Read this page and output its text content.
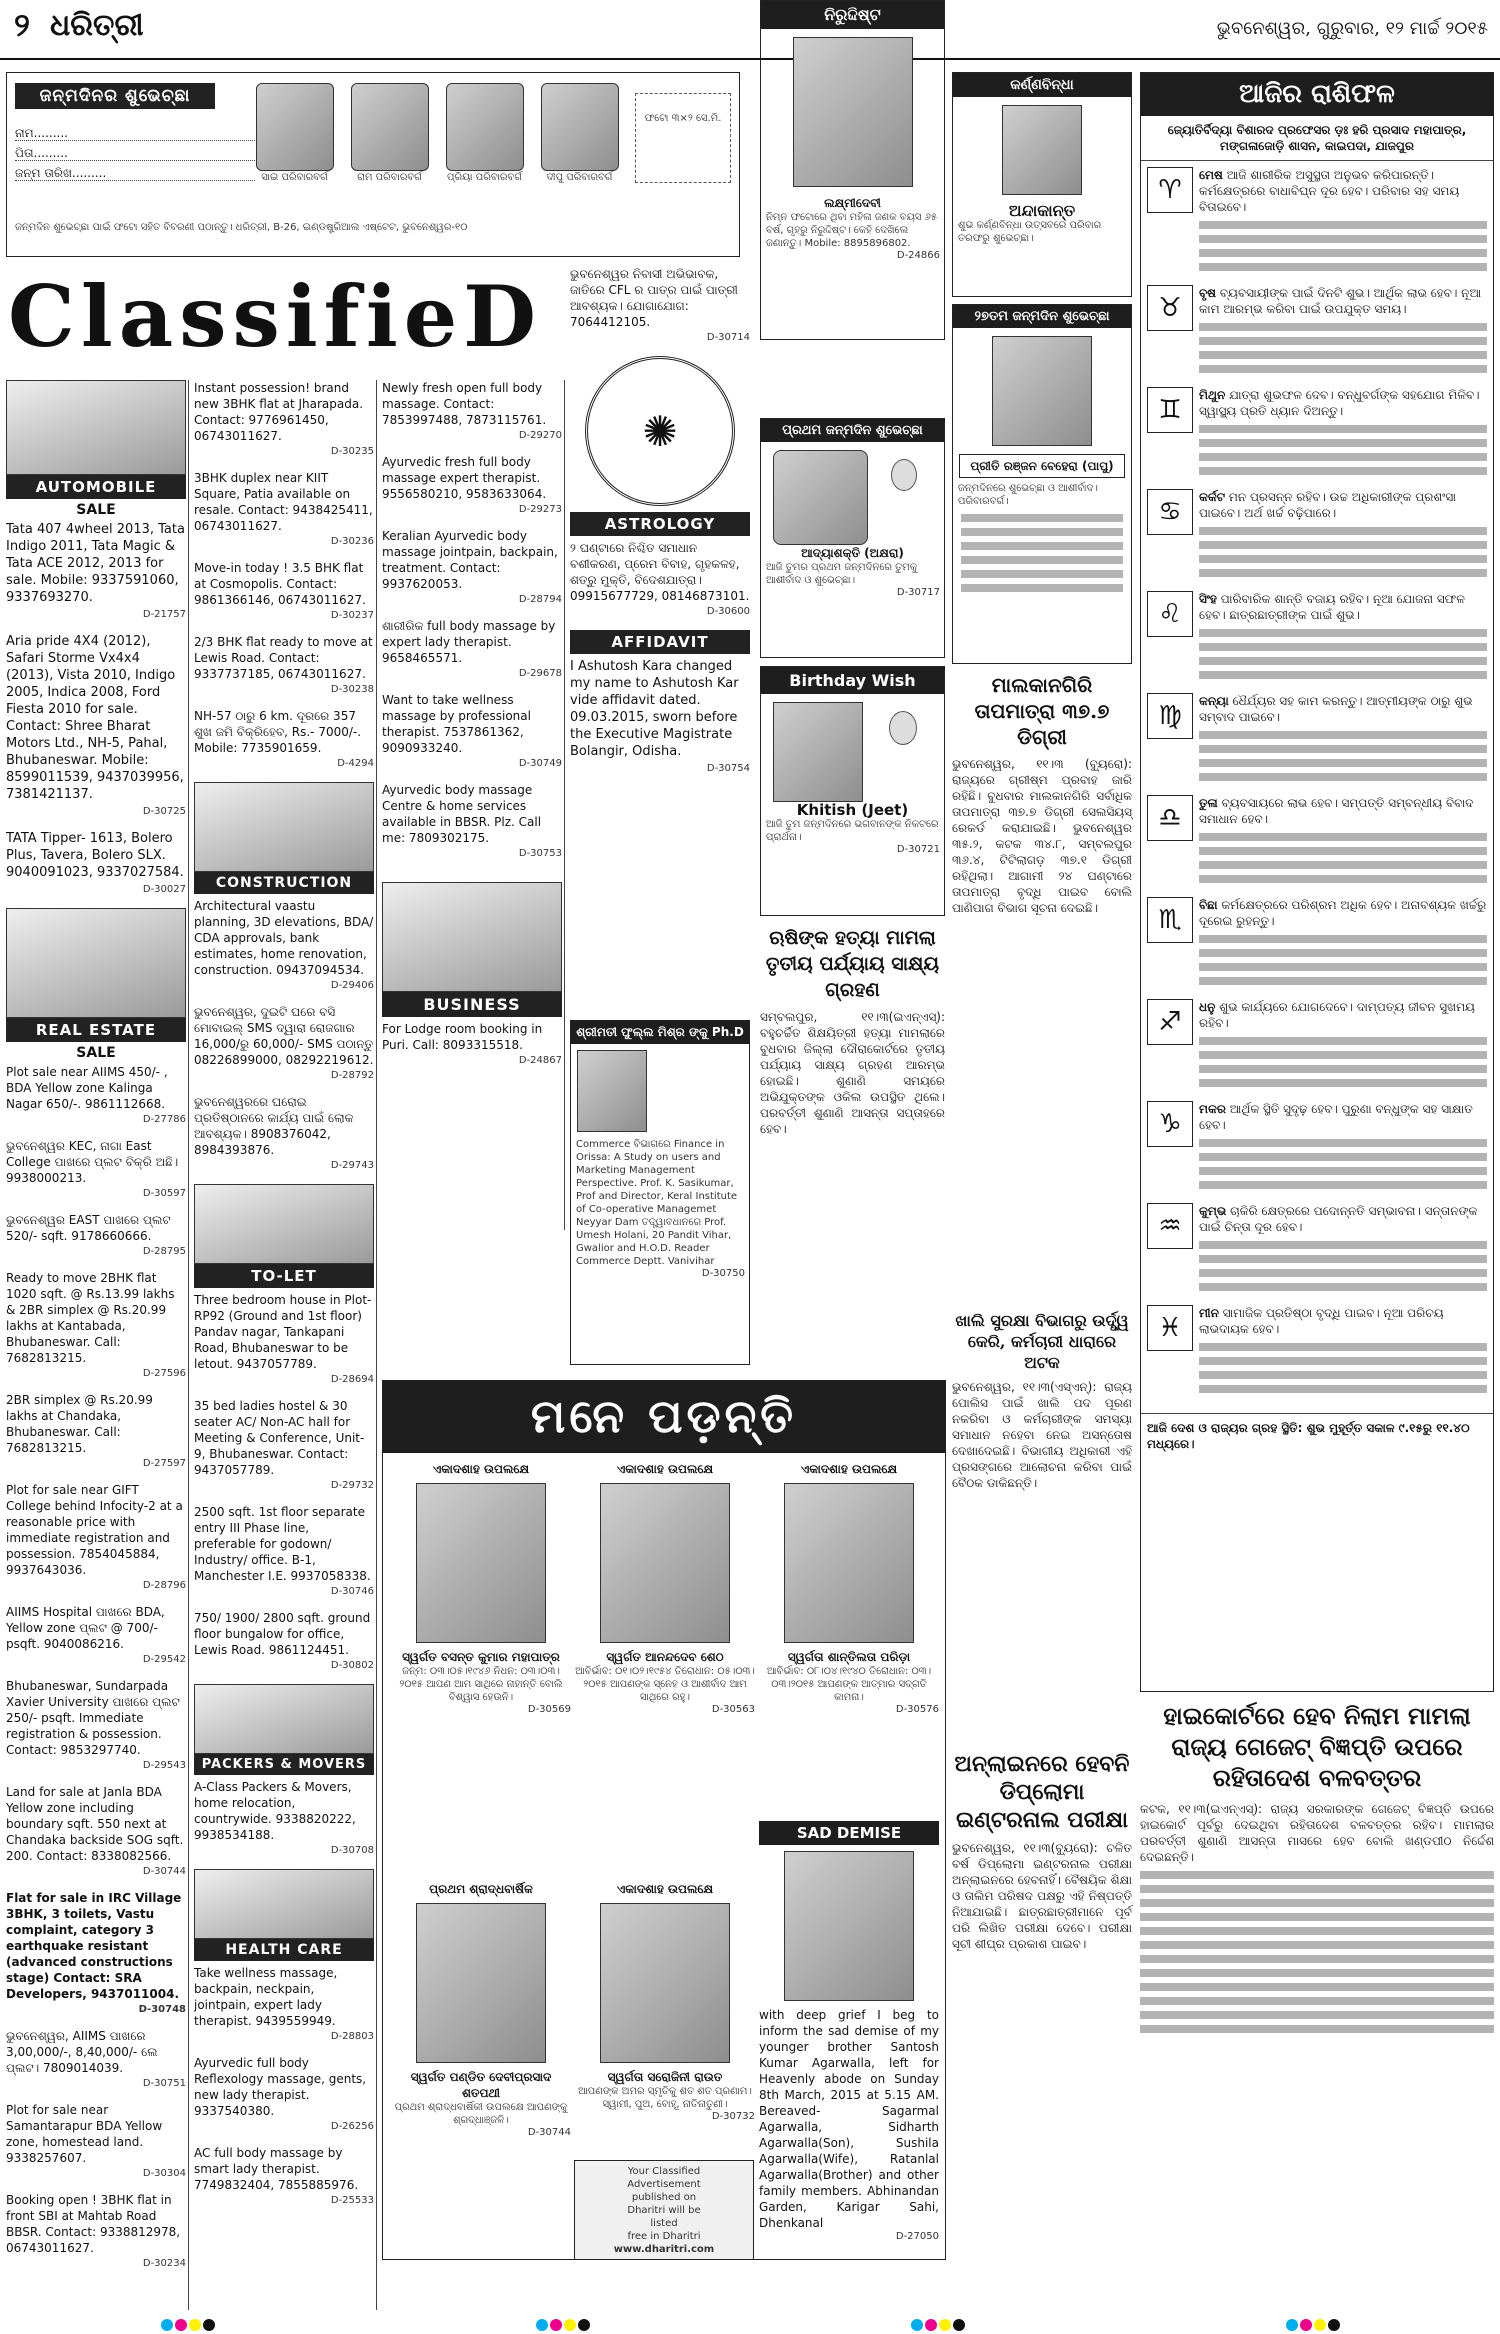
୨ ଧରିତ୍ରୀ	ଭୁବନେଶ୍ୱର, ଗୁରୁବାର, ୧୨ ମାର୍ଚ୍ଚ ୨୦୧୫
ଜନ୍ମଦିନର ଶୁଭେଚ୍ଛା
ନାମ.........
ପିତା.........
ଜନ୍ମ ତାରିଖ.........	ସାଇ ପରିବାରବର୍ଗ	ରାମ ପରିବାରବର୍ଗ	ପ୍ରିୟା ପରିବାରବର୍ଗ	ଦୀପୁ ପରିବାରବର୍ଗ
ଫଟୋ ୩×୨ ସେ.ମି.
ଜନ୍ମଦିନ ଶୁଭେଚ୍ଛା ପାଇଁ ଫଟୋ ସହିତ ବିବରଣୀ ପଠାନ୍ତୁ। ଧରିତ୍ରୀ, B-26, ଇଣ୍ଡଷ୍ଟ୍ରିଆଲ ଏଷ୍ଟେଟ, ଭୁବନେଶ୍ୱର-୧୦
ClassifieD
AUTOMOBILE
SALE
Tata 407 4wheel 2013, Tata Indigo 2011, Tata Magic & Tata ACE 2012, 2013 for sale. Mobile: 9337591060, 9337693270.
D-21757
Aria pride 4X4 (2012), Safari Storme Vx4x4 (2013), Vista 2010, Indigo 2005, Indica 2008, Ford Fiesta 2010 for sale. Contact: Shree Bharat Motors Ltd., NH-5, Pahal, Bhubaneswar. Mobile: 8599011539, 9437039956, 7381421137.
D-30725
TATA Tipper- 1613, Bolero Plus, Tavera, Bolero SLX. 9040091023, 9337027584.
D-30027
REAL ESTATE
SALE
Plot sale near AIIMS 450/- , BDA Yellow zone Kalinga Nagar 650/-. 9861112668.
D-27786
ଭୁବନେଶ୍ୱର KEC, ନାଗା East College ପାଖରେ ପ୍ଲଟ ବିକ୍ରି ଅଛି। 9938000213.
D-30597
ଭୁବନେଶ୍ୱର EAST ପାଖରେ ପ୍ଲଟ 520/- sqft. 9178660666.
D-28795
Ready to move 2BHK flat 1020 sqft. @ Rs.13.99 lakhs & 2BR simplex @ Rs.20.99 lakhs at Kantabada, Bhubaneswar. Call: 7682813215.
D-27596
2BR simplex @ Rs.20.99 lakhs at Chandaka, Bhubaneswar. Call: 7682813215.
D-27597
Plot for sale near GIFT College behind Infocity-2 at a reasonable price with immediate registration and possession. 7854045884, 9937643036.
D-28796
AIIMS Hospital ପାଖରେ BDA, Yellow zone ପ୍ଲଟ @ 700/- psqft. 9040086216.
D-29542
Bhubaneswar, Sundarpada Xavier University ପାଖରେ ପ୍ଲଟ 250/- psqft. Immediate registration & possession. Contact: 9853297740.
D-29543
Land for sale at Janla BDA Yellow zone including boundary sqft. 550 next at Chandaka backside SOG sqft. 200. Contact: 8338082566.
D-30744
Flat for sale in IRC Village 3BHK, 3 toilets, Vastu complaint, category 3 earthquake resistant (advanced constructions stage) Contact: SRA Developers, 9437011004.
D-30748
ଭୁବନେଶ୍ୱର, AIIMS ପାଖରେ 3,00,000/-, 8,40,000/- ଲେ ପ୍ଲଟ। 7809014039.
D-30751
Plot for sale near Samantarapur BDA Yellow zone, homestead land. 9338257607.
D-30304
Booking open ! 3BHK flat in front SBI at Mahtab Road BBSR. Contact: 9338812978, 06743011627.
D-30234
Instant possession! brand new 3BHK flat at Jharapada. Contact: 9776961450, 06743011627.
D-30235
3BHK duplex near KIIT Square, Patia available on resale. Contact: 9438425411, 06743011627.
D-30236
Move-in today ! 3.5 BHK flat at Cosmopolis. Contact: 9861366146, 06743011627.
D-30237
2/3 BHK flat ready to move at Lewis Road. Contact: 9337737185, 06743011627.
D-30238
NH-57 ଠାରୁ 6 km. ଦୂରରେ 357 ଶୁଖ ଜମି ବିକ୍ରିହେବ, Rs.- 7000/-. Mobile: 7735901659.
D-4294
CONSTRUCTION
Architectural vaastu planning, 3D elevations, BDA/ CDA approvals, bank estimates, home renovation, construction. 09437094534.
D-29406
ଭୁବନେଶ୍ୱର, ଦୁଇଟି ଘରେ ବସି ମୋବାଇଲ୍ SMS ଦ୍ୱାରା ରୋଜଗାର 16,000/ରୁ 60,000/- SMS ପଠାନ୍ତୁ 08226899000, 08292219612.
D-28792
ଭୁବନେଶ୍ୱରରେ ଘରୋଇ ପ୍ରତିଷ୍ଠାନରେ କାର୍ଯ୍ୟ ପାଇଁ ଲୋକ ଆବଶ୍ୟକ। 8908376042, 8984393876.
D-29743
TO-LET
Three bedroom house in Plot- RP92 (Ground and 1st floor) Pandav nagar, Tankapani Road, Bhubaneswar to be letout. 9437057789.
D-28694
35 bed ladies hostel & 30 seater AC/ Non-AC hall for Meeting & Conference, Unit-9, Bhubaneswar. Contact: 9437057789.
D-29732
2500 sqft. 1st floor separate entry III Phase line, preferable for godown/ Industry/ office. B-1, Manchester I.E. 9937058338.
D-30746
750/ 1900/ 2800 sqft. ground floor bungalow for office, Lewis Road. 9861124451.
D-30802
PACKERS & MOVERS
A-Class Packers & Movers, home relocation, countrywide. 9338820222, 9938534188.
D-30708
HEALTH CARE
Take wellness massage, backpain, neckpain, jointpain, expert lady therapist. 9439559949.
D-28803
Ayurvedic full body Reflexology massage, gents, new lady therapist. 9337540380.
D-26256
AC full body massage by smart lady therapist. 7749832404, 7855885976.
D-25533
Newly fresh open full body massage. Contact: 7853997488, 7873115761.
D-29270
Ayurvedic fresh full body massage expert therapist. 9556580210, 9583633064.
D-29273
Keralian Ayurvedic body massage jointpain, backpain, treatment. Contact: 9937620053.
D-28794
ଶାରୀରିକ full body massage by expert lady therapist. 9658465571.
D-29678
Want to take wellness massage by professional therapist. 7537861362, 9090933240.
D-30749
Ayurvedic body massage Centre & home services available in BBSR. Plz. Call me: 7809302175.
D-30753
BUSINESS
For Lodge room booking in Puri. Call: 8093315518.
D-24867
ଭୁବନେଶ୍ୱର ନିବାସୀ ଅଭିଭାବକ, ଜାତିରେ CFL ର ପାତ୍ର ପାଇଁ ପାତ୍ରୀ ଆବଶ୍ୟକ। ଯୋଗାଯୋଗ: 7064412105.
D-30714
✺
ASTROLOGY
୨ ଘଣ୍ଟାରେ ନିଶ୍ଚିତ ସମାଧାନ ବଶୀକରଣ, ପ୍ରେମ ବିବାହ, ଗୃହକଳହ, ଶତ୍ରୁ ମୁକ୍ତି, ବିଦେଶଯାତ୍ରା। 09915677729, 08146873101.
D-30600
AFFIDAVIT
I Ashutosh Kara changed my name to Ashutosh Kar vide affidavit dated. 09.03.2015, sworn before the Executive Magistrate Bolangir, Odisha.
D-30754
ଶ୍ରୀମତୀ ଫୁଲ୍ଲ ମିଶ୍ର ଙ୍କୁ Ph.D
Commerce ବିଭାଗରେ Finance in Orissa: A Study on users and Marketing Management Perspective. Prof. K. Sasikumar, Prof and Director, Keral Institute of Co-operative Managemet Neyyar Dam ତତ୍ତ୍ୱାବଧାନରେ Prof. Umesh Holani, 20 Pandit Vihar, Gwalior and H.O.D. Reader Commerce Deptt. Vanivihar
D-30750
ନିରୁଦ୍ଦିଷ୍ଟ
ଲକ୍ଷ୍ମୀଦେବୀ
ନିମ୍ନ ଫଟୋରେ ଥିବା ମହିଳା ଜଣକ ବୟସ ୬୫ ବର୍ଷ, ଗୃହରୁ ନିରୁଦ୍ଦିଷ୍ଟ। କେହି ଦେଖିଲେ ଜଣାନ୍ତୁ। Mobile: 8895896802.
D-24866
ପ୍ରଥମ ଜନ୍ମଦିନ ଶୁଭେଚ୍ଛା
ଆଦ୍ୟାଶକ୍ତି (ଅକ୍ଷରା)
ଆଜି ତୁମର ପ୍ରଥମ ଜନ୍ମଦିନରେ ତୁମକୁ ଆଶୀର୍ବାଦ ଓ ଶୁଭେଚ୍ଛା।
D-30717
Birthday Wish
Khitish (Jeet)
ଆଜି ତୁମ ଜନ୍ମଦିନରେ ଭଗବାନଙ୍କ ନିକଟରେ ପ୍ରାର୍ଥନା।
D-30721
କର୍ଣ୍ଣବିନ୍ଧା
ଅନ୍ଦାକାନ୍ତ
ଶୁଭ କର୍ଣ୍ଣବିନ୍ଧା ଉତ୍ସବରେ ପରିବାର ତରଫରୁ ଶୁଭେଚ୍ଛା।
୨୭ତମ ଜନ୍ମଦିନ ଶୁଭେଚ୍ଛା
ପ୍ରୀତି ରଞ୍ଜନ ବେହେରା (ପାପୁ)
ଜନ୍ମଦିନରେ ଶୁଭେଚ୍ଛା ଓ ଆଶୀର୍ବାଦ। ପରିବାରବର୍ଗ।
ମାଲକାନଗିରି ତାପମାତ୍ରା ୩୭.୭ ଡିଗ୍ରୀ
ଭୁବନେଶ୍ୱର, ୧୧।୩ (ବ୍ୟୁରୋ): ରାଜ୍ୟରେ ଗ୍ରୀଷ୍ମ ପ୍ରବାହ ଜାରି ରହିଛି। ବୁଧବାର ମାଲକାନଗିରି ସର୍ବାଧିକ ତାପମାତ୍ରା ୩୭.୭ ଡିଗ୍ରୀ ସେଲସିୟସ୍ ରେକର୍ଡ କରାଯାଇଛି। ଭୁବନେଶ୍ୱର ୩୫.୨, କଟକ ୩୪.୮, ସମ୍ବଲପୁର ୩୬.୪, ଟିଟିଲାଗଡ଼ ୩୭.୧ ଡିଗ୍ରୀ ରହିଥିଲା। ଆଗାମୀ ୨୪ ଘଣ୍ଟାରେ ତାପମାତ୍ରା ବୃଦ୍ଧି ପାଇବ ବୋଲି ପାଣିପାଗ ବିଭାଗ ସୂଚନା ଦେଇଛି।
ଋଷିଙ୍କ ହତ୍ୟା ମାମଲା ତୃତୀୟ ପର୍ଯ୍ୟାୟ ସାକ୍ଷ୍ୟ ଗ୍ରହଣ
ସମ୍ବଲପୁର, ୧୧।୩(ଇଏନ୍ଏସ୍): ବହୁଚର୍ଚ୍ଚିତ ଶିକ୍ଷୟିତ୍ରୀ ହତ୍ୟା ମାମଲାରେ ବୁଧବାର ଜିଲ୍ଲା ଦୌରାକୋର୍ଟରେ ତୃତୀୟ ପର୍ଯ୍ୟାୟ ସାକ୍ଷ୍ୟ ଗ୍ରହଣ ଆରମ୍ଭ ହୋଇଛି। ଶୁଣାଣି ସମୟରେ ଅଭିଯୁକ୍ତଙ୍କ ଓକିଲ ଉପସ୍ଥିତ ଥିଲେ। ପରବର୍ତ୍ତୀ ଶୁଣାଣି ଆସନ୍ତା ସପ୍ତାହରେ ହେବ।
ଆଜିର ରାଶିଫଳ
ଜ୍ୟୋତିର୍ବିଦ୍ୟା ବିଶାରଦ ପ୍ରଫେସର ଡ଼ଃ ହରି ପ୍ରସାଦ ମହାପାତ୍ର, ମଙ୍ଗଳାଜୋଡ଼ି ଶାସନ, କାଇପଦା, ଯାଜପୁର
♈	ମେଷ ଆଜି ଶାରୀରିକ ଅସୁସ୍ଥତା ଅନୁଭବ କରିପାରନ୍ତି। କର୍ମକ୍ଷେତ୍ରରେ ବାଧାବିଘ୍ନ ଦୂର ହେବ। ପରିବାର ସହ ସମୟ ବିତାଇବେ।
♉	ବୃଷ ବ୍ୟବସାୟୀଙ୍କ ପାଇଁ ଦିନଟି ଶୁଭ। ଆର୍ଥିକ ଲାଭ ହେବ। ନୂଆ କାମ ଆରମ୍ଭ କରିବା ପାଇଁ ଉପଯୁକ୍ତ ସମୟ।
♊	ମିଥୁନ ଯାତ୍ରା ଶୁଭଫଳ ଦେବ। ବନ୍ଧୁବର୍ଗଙ୍କ ସହଯୋଗ ମିଳିବ। ସ୍ୱାସ୍ଥ୍ୟ ପ୍ରତି ଧ୍ୟାନ ଦିଅନ୍ତୁ।
♋	କର୍କଟ ମନ ପ୍ରସନ୍ନ ରହିବ। ଉଚ୍ଚ ଅଧିକାରୀଙ୍କ ପ୍ରଶଂସା ପାଇବେ। ଅର୍ଥ ଖର୍ଚ୍ଚ ବଢ଼ିପାରେ।
♌	ସିଂହ ପାରିବାରିକ ଶାନ୍ତି ବଜାୟ ରହିବ। ନୂଆ ଯୋଜନା ସଫଳ ହେବ। ଛାତ୍ରଛାତ୍ରୀଙ୍କ ପାଇଁ ଶୁଭ।
♍	କନ୍ୟା ଧୈର୍ଯ୍ୟର ସହ କାମ କରନ୍ତୁ। ଆତ୍ମୀୟଙ୍କ ଠାରୁ ଶୁଭ ସମ୍ବାଦ ପାଇବେ।
♎	ତୁଳା ବ୍ୟବସାୟରେ ଲାଭ ହେବ। ସମ୍ପତ୍ତି ସମ୍ବନ୍ଧୀୟ ବିବାଦ ସମାଧାନ ହେବ।
♏	ବିଛା କର୍ମକ୍ଷେତ୍ରରେ ପରିଶ୍ରମ ଅଧିକ ହେବ। ଅନାବଶ୍ୟକ ଖର୍ଚ୍ଚରୁ ଦୂରେଇ ରୁହନ୍ତୁ।
♐	ଧନୁ ଶୁଭ କାର୍ଯ୍ୟରେ ଯୋଗଦେବେ। ଦାମ୍ପତ୍ୟ ଜୀବନ ସୁଖମୟ ରହିବ।
♑	ମକର ଆର୍ଥିକ ସ୍ଥିତି ସୁଦୃଢ଼ ହେବ। ପୁରୁଣା ବନ୍ଧୁଙ୍କ ସହ ସାକ୍ଷାତ ହେବ।
♒	କୁମ୍ଭ ଚାକିରି କ୍ଷେତ୍ରରେ ପଦୋନ୍ନତି ସମ୍ଭାବନା। ସନ୍ତାନଙ୍କ ପାଇଁ ଚିନ୍ତା ଦୂର ହେବ।
♓	ମୀନ ସାମାଜିକ ପ୍ରତିଷ୍ଠା ବୃଦ୍ଧି ପାଇବ। ନୂଆ ପରିଚୟ ଲାଭଦାୟକ ହେବ।
ଆଜି ଦେଶ ଓ ରାଜ୍ୟର ଗ୍ରହ ସ୍ଥିତି: ଶୁଭ ମୁହୂର୍ତ୍ତ ସକାଳ ୯.୧୫ରୁ ୧୧.୪୦ ମଧ୍ୟରେ।
ମନେ ପଡ଼ନ୍ତି
ଏକାଦଶାହ ଉପଲକ୍ଷେ
ସ୍ୱର୍ଗତ ବସନ୍ତ କୁମାର ମହାପାତ୍ର
ଜନ୍ମ: ୦୩।୦୫।୧୯୪୬ ନିଧନ: ୦୩।୦୩।୨୦୧୫ ଆପଣ ଆମ ସାଥିରେ ନାହାନ୍ତି ବୋଲି ବିଶ୍ୱାସ ହେଉନି।
D-30569
ଏକାଦଶାହ ଉପଲକ୍ଷେ
ସ୍ୱର୍ଗତ ଆନନ୍ଦଦେବ ଶେଠ
ଆବିର୍ଭାବ: ୦୧।୦୨।୧୯୫୪ ତିରୋଧାନ: ୦୫।୦୩।୨୦୧୫ ଆପଣଙ୍କ ସ୍ନେହ ଓ ଆଶୀର୍ବାଦ ଆମ ସାଥିରେ ରହୁ।
D-30563
ଏକାଦଶାହ ଉପଲକ୍ଷେ
ସ୍ୱର୍ଗତା ଶାନ୍ତିଲତା ପରିଡ଼ା
ଆବିର୍ଭାବ: ୦୮।୦୪।୧୯୪୦ ତିରୋଧାନ: ୦୩।୦୩।୨୦୧୫ ଆପଣଙ୍କ ଆତ୍ମାର ସଦ୍ଗତି କାମନା।
D-30576
ପ୍ରଥମ ଶ୍ରାଦ୍ଧବାର୍ଷିକ
ସ୍ୱର୍ଗତ ପଣ୍ଡିତ ଦେବୀପ୍ରସାଦ ଶତପଥୀ
ପ୍ରଥମ ଶ୍ରାଦ୍ଧବାର୍ଷିକୀ ଉପଲକ୍ଷେ ଆପଣଙ୍କୁ ଶ୍ରଦ୍ଧାଞ୍ଜଳି।
D-30744
ଏକାଦଶାହ ଉପଲକ୍ଷେ
ସ୍ୱର୍ଗତା ସରୋଜିନୀ ରାଉତ
ଆପଣଙ୍କ ଅମର ସ୍ମୃତିକୁ ଶତ ଶତ ପ୍ରଣାମ। ସ୍ୱାମୀ, ପୁଅ, ବୋହୂ, ନାତିନାତୁଣୀ।
D-30732
SAD DEMISE
with deep grief I beg to inform the sad demise of my younger brother Santosh Kumar Agarwalla, left for Heavenly abode on Sunday 8th March, 2015 at 5.15 AM. Bereaved- Sagarmal Agarwalla, Sidharth Agarwalla(Son), Sushila Agarwalla(Wife), Ratanlal Agarwalla(Brother) and other family members. Abhinandan Garden, Karigar Sahi, Dhenkanal
D-27050
Your Classified
Advertisement
published on
Dharitri will be
listed
free in Dharitri
www.dharitri.com
ଖାଲି ସୁରକ୍ଷା ବିଭାଗରୁ ଉର୍ଦ୍ଧ୍ୱ କେରି, କର୍ମଚାରୀ ଧାରାରେ ଅଟକ
ଭୁବନେଶ୍ୱର, ୧୧।୩(ଏସ୍ଏନ୍): ରାଜ୍ୟ ପୋଲିସ ପାଇଁ ଖାଲି ପଦ ପୂରଣ ନକରିବା ଓ କର୍ମଚାରୀଙ୍କ ସମସ୍ୟା ସମାଧାନ ନହେବା ନେଇ ଅସନ୍ତୋଷ ଦେଖାଦେଇଛି। ବିଭାଗୀୟ ଅଧିକାରୀ ଏହି ପ୍ରସଙ୍ଗରେ ଆଲୋଚନା କରିବା ପାଇଁ ବୈଠକ ଡାକିଛନ୍ତି।
ଅନ୍ଲାଇନରେ ହେବନି ଡିପ୍ଲୋମା ଇଣ୍ଟରନାଲ ପରୀକ୍ଷା
ଭୁବନେଶ୍ୱର, ୧୧।୩(ବ୍ୟୁରୋ): ଚଳିତ ବର୍ଷ ଡିପ୍ଲୋମା ଇଣ୍ଟରନାଲ ପରୀକ୍ଷା ଅନ୍ଲାଇନରେ ହେବନାହିଁ। ବୈଷୟିକ ଶିକ୍ଷା ଓ ତାଲିମ ପରିଷଦ ପକ୍ଷରୁ ଏହି ନିଷ୍ପତ୍ତି ନିଆଯାଇଛି। ଛାତ୍ରଛାତ୍ରୀମାନେ ପୂର୍ବ ପରି ଲିଖିତ ପରୀକ୍ଷା ଦେବେ। ପରୀକ୍ଷା ସୂଚୀ ଶୀଘ୍ର ପ୍ରକାଶ ପାଇବ।
ହାଇକୋର୍ଟରେ ହେବ ନିଲାମ ମାମଲା ରାଜ୍ୟ ଗେଜେଟ୍ ବିଜ୍ଞପ୍ତି ଉପରେ ରହିତାଦେଶ ବଳବତ୍ତର
କଟକ, ୧୧।୩(ଇଏନ୍ଏସ୍): ରାଜ୍ୟ ସରକାରଙ୍କ ଗେଜେଟ୍ ବିଜ୍ଞପ୍ତି ଉପରେ ହାଇକୋର୍ଟ ପୂର୍ବରୁ ଦେଇଥିବା ରହିତାଦେଶ ବଳବତ୍ତର ରହିବ। ମାମଲାର ପରବର୍ତ୍ତୀ ଶୁଣାଣି ଆସନ୍ତା ମାସରେ ହେବ ବୋଲି ଖଣ୍ଡପୀଠ ନିର୍ଦ୍ଦେଶ ଦେଇଛନ୍ତି।
